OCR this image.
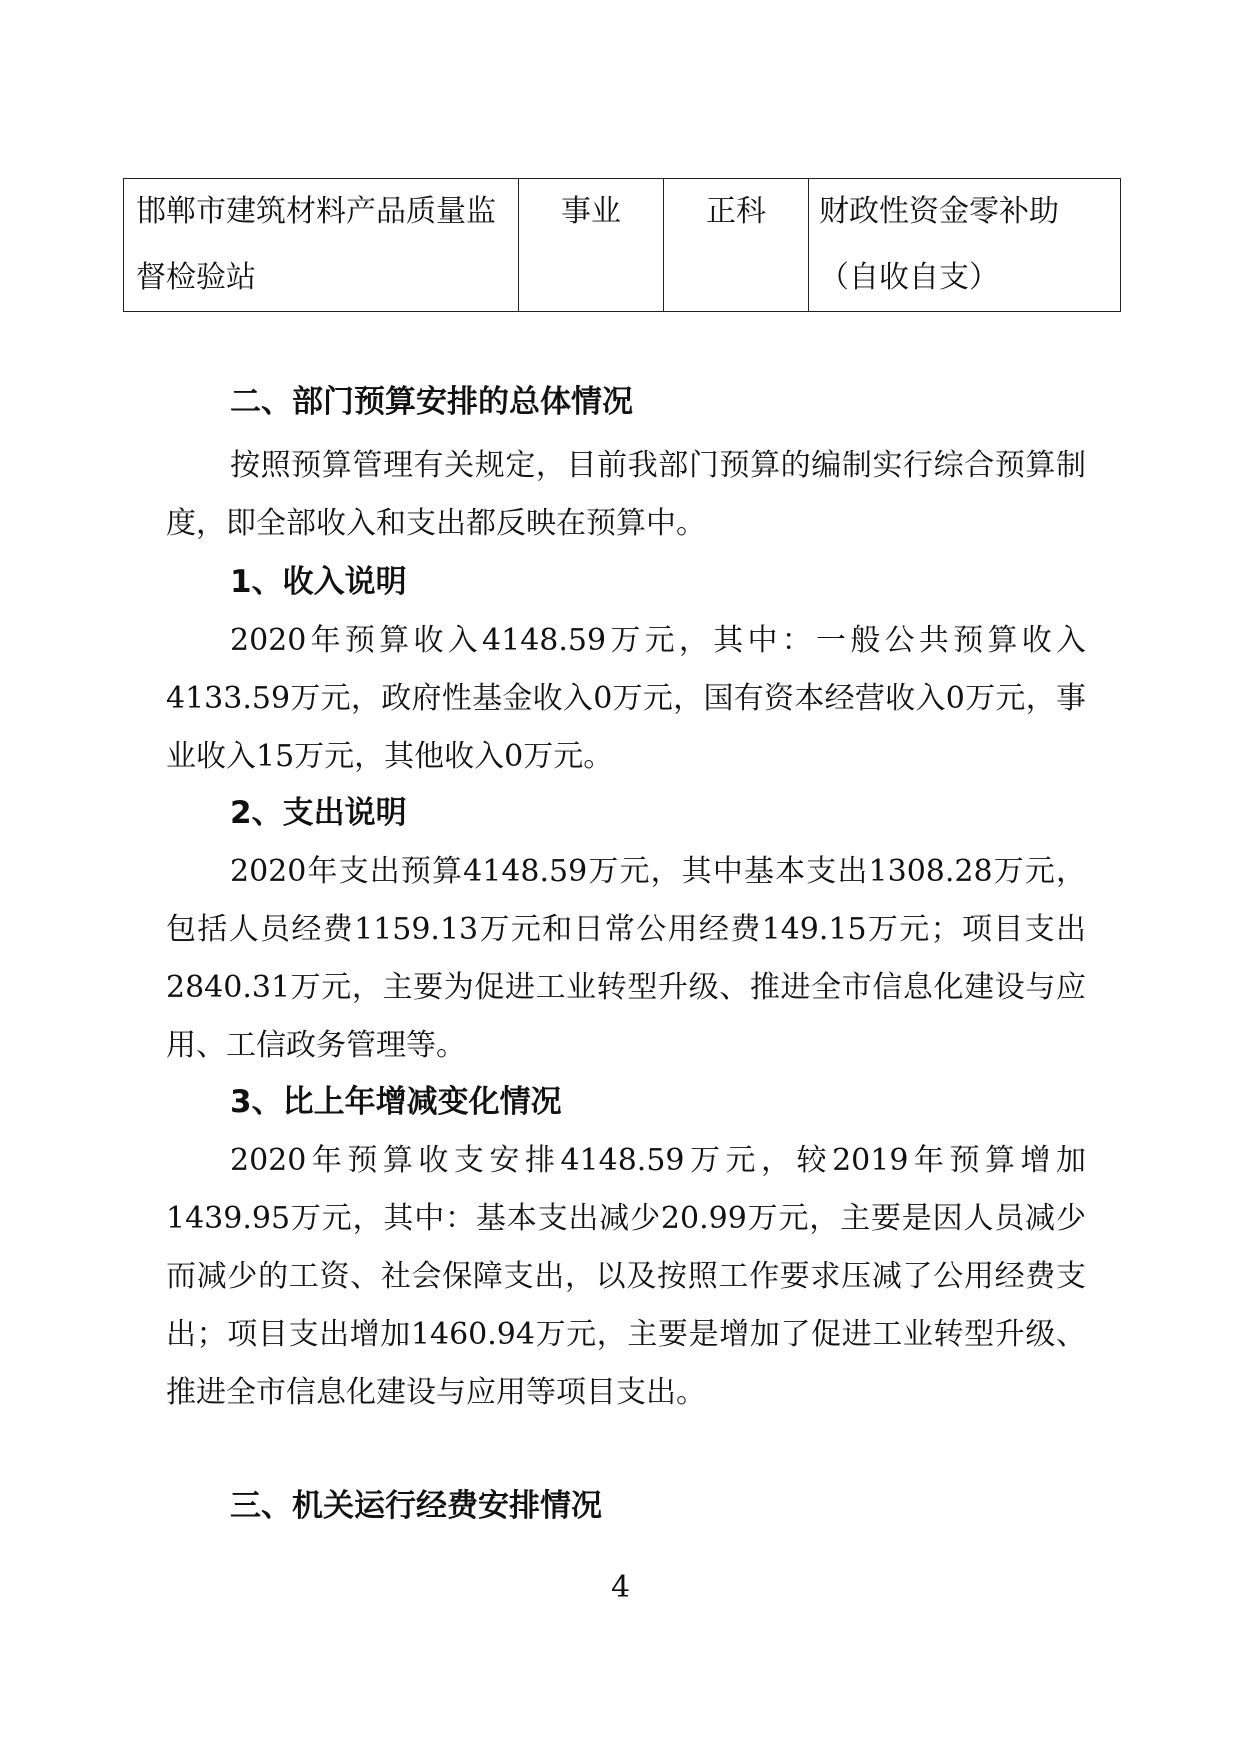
邯郸市建筑材料产品质量监督检验站	事业	正科	财政性资金零补助（自收自支）
二、部门预算安排的总体情况

按照预算管理有关规定，目前我部门预算的编制实行综合预算制度，即全部收入和支出都反映在预算中。

1、收入说明

2020年预算收入4148.59万元，其中：一般公共预算收入4133.59万元，政府性基金收入0万元，国有资本经营收入0万元，事业收入15万元，其他收入0万元。

2、支出说明

2020年支出预算4148.59万元，其中基本支出1308.28万元，包括人员经费1159.13万元和日常公用经费149.15万元；项目支出2840.31万元，主要为促进工业转型升级、推进全市信息化建设与应用、工信政务管理等。

3、比上年增减变化情况

2020年预算收支安排4148.59万元，较2019年预算增加1439.95万元，其中：基本支出减少20.99万元，主要是因人员减少而减少的工资、社会保障支出，以及按照工作要求压减了公用经费支出；项目支出增加1460.94万元，主要是增加了促进工业转型升级、推进全市信息化建设与应用等项目支出。

三、机关运行经费安排情况
4
